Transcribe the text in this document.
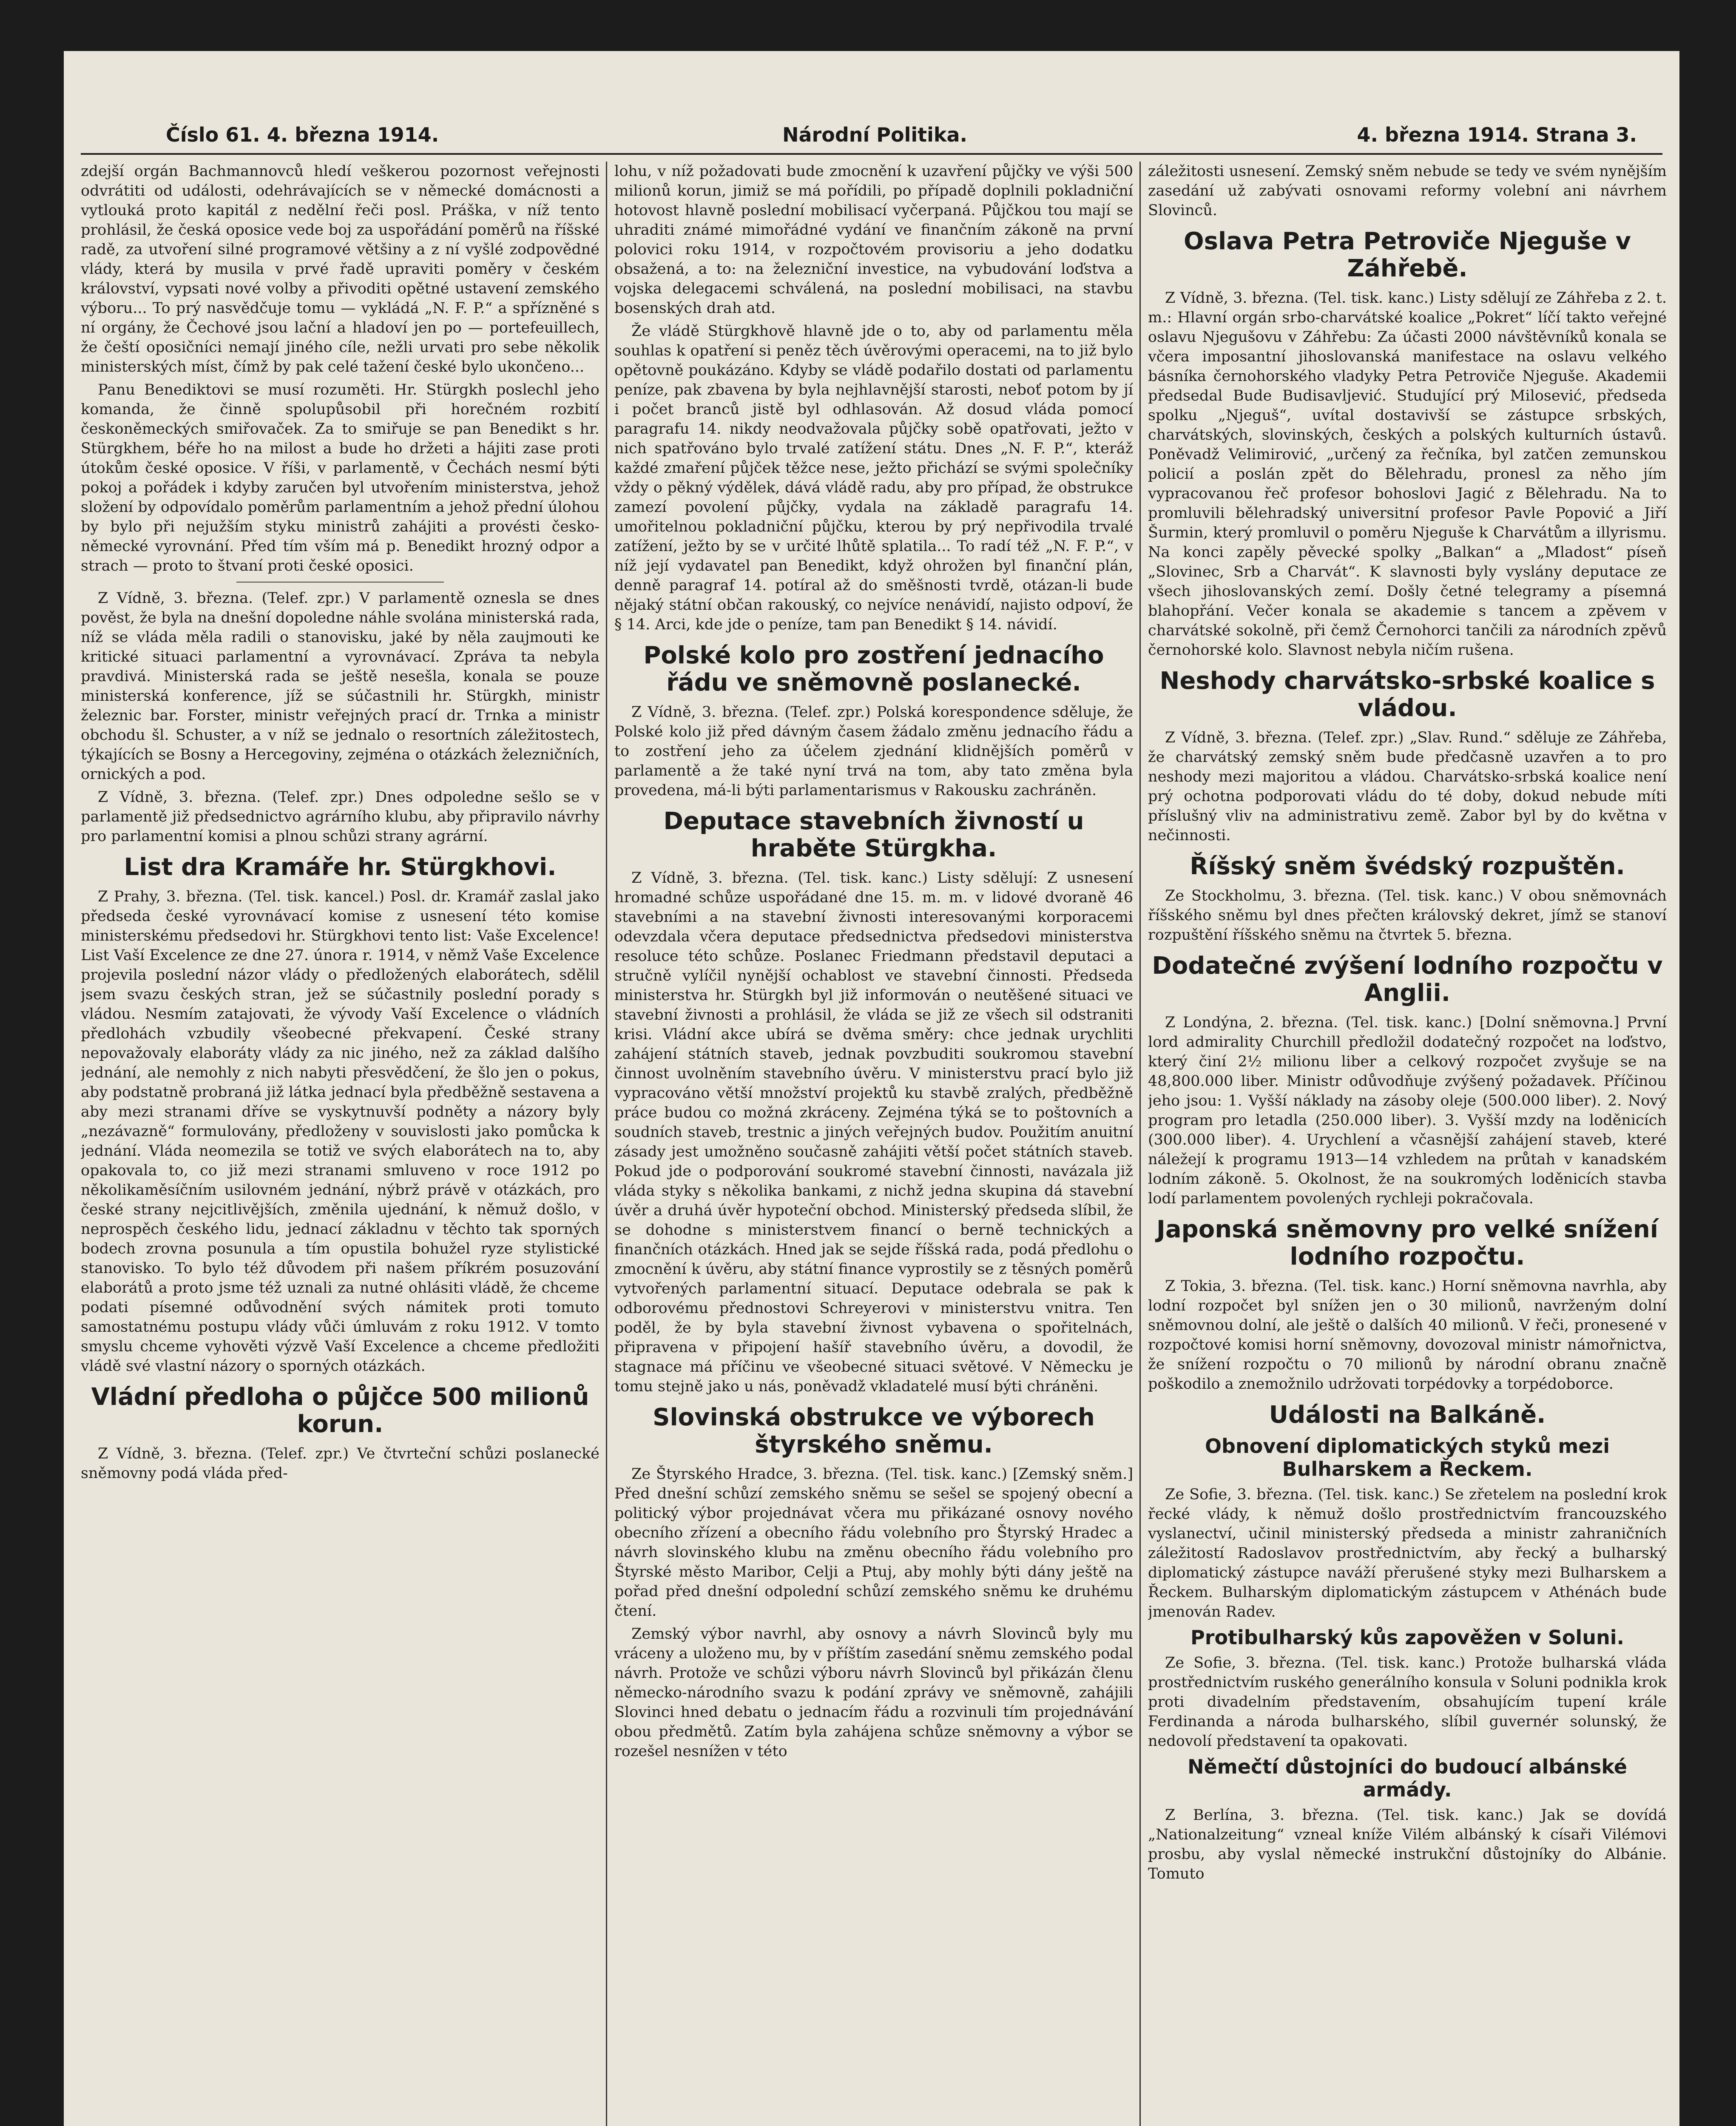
Číslo 61. 4. března 1914.	Národní Politika.	4. března 1914. Strana 3.

zdejší orgán Bachmannovců hledí veškerou pozornost veřejnosti odvrátiti od události, odehrávajících se v německé domácnosti a vytlouká proto kapitál z nedělní řeči posl. Práška, v níž tento prohlásil, že česká oposice vede boj za uspořádání poměrů na říšské radě, za utvoření silné programové většiny a z ní vyšlé zodpovědné vlády, která by musila v prvé řadě upraviti poměry v českém království, vypsati nové volby a přivoditi opětné ustavení zemského výboru... To prý nasvědčuje tomu — vykládá „N. F. P.“ a spřízněné s ní orgány, že Čechové jsou lační a hladoví jen po — portefeuillech, že čeští oposičníci nemají jiného cíle, nežli urvati pro sebe několik ministerských míst, čímž by pak celé tažení české bylo ukončeno...

Panu Benediktovi se musí rozuměti. Hr. Stürgkh poslechl jeho komanda, že činně spolupůsobil při horečném rozbití českoněmeckých smiřovaček. Za to smiřuje se pan Benedikt s hr. Stürgkhem, béře ho na milost a bude ho držeti a hájiti zase proti útokům české oposice. V říši, v parlamentě, v Čechách nesmí býti pokoj a pořádek i kdyby zaručen byl utvořením ministerstva, jehož složení by odpovídalo poměrům parlamentním a jehož přední úlohou by bylo při nejužším styku ministrů zahájiti a provésti česko-německé vyrovnání. Před tím vším má p. Benedikt hrozný odpor a strach — proto to štvaní proti české oposici.

Z Vídně, 3. března. (Telef. zpr.) V parlamentě oznesla se dnes pověst, že byla na dnešní dopoledne náhle svolána ministerská rada, níž se vláda měla radili o stanovisku, jaké by něla zaujmouti ke kritické situaci parlamentní a vyrovnávací. Zpráva ta nebyla pravdivá. Ministerská rada se ještě nesešla, konala se pouze ministerská konference, jíž se súčastnili hr. Stürgkh, ministr železnic bar. Forster, ministr veřejných prací dr. Trnka a ministr obchodu šl. Schuster, a v níž se jednalo o resortních záležitostech, týkajících se Bosny a Hercegoviny, zejména o otázkách železničních, ornických a pod.

Z Vídně, 3. března. (Telef. zpr.) Dnes odpoledne sešlo se v parlamentě již předsednictvo agrárního klubu, aby připravilo návrhy pro parlamentní komisi a plnou schůzi strany agrární.

List dra Kramáře hr. Stürgkhovi.

Z Prahy, 3. března. (Tel. tisk. kancel.) Posl. dr. Kramář zaslal jako předseda české vyrovnávací komise z usnesení této komise ministerskému předsedovi hr. Stürgkhovi tento list: Vaše Excelence! List Vaší Excelence ze dne 27. února r. 1914, v němž Vaše Excelence projevila poslední názor vlády o předložených elaborátech, sdělil jsem svazu českých stran, jež se súčastnily poslední porady s vládou. Nesmím zatajovati, že vývody Vaší Excelence o vládních předlohách vzbudily všeobecné překvapení. České strany nepovažovaly elaboráty vlády za nic jiného, než za základ dalšího jednání, ale nemohly z nich nabyti přesvědčení, že šlo jen o pokus, aby podstatně probraná již látka jednací byla předběžně sestavena a aby mezi stranami dříve se vyskytnuvší podněty a názory byly „nezávazně“ formulovány, předloženy v souvislosti jako pomůcka k jednání. Vláda neomezila se totiž ve svých elaborátech na to, aby opakovala to, co již mezi stranami smluveno v roce 1912 po několikaměsíčním usilovném jednání, nýbrž právě v otázkách, pro české strany nejcitlivějších, změnila ujednání, k němuž došlo, v neprospěch českého lidu, jednací základnu v těchto tak sporných bodech zrovna posunula a tím opustila bohužel ryze stylistické stanovisko. To bylo též důvodem při našem příkrém posuzování elaborátů a proto jsme též uznali za nutné ohlásiti vládě, že chceme podati písemné odůvodnění svých námitek proti tomuto samostatnému postupu vlády vůči úmluvám z roku 1912. V tomto smyslu chceme vyhověti výzvě Vaší Excelence a chceme předložiti vládě své vlastní názory o sporných otázkách.

Vládní předloha o půjčce 500 milionů korun.

Z Vídně, 3. března. (Telef. zpr.) Ve čtvrteční schůzi poslanecké sněmovny podá vláda před-

lohu, v níž požadovati bude zmocnění k uzavření půjčky ve výši 500 milionů korun, jimiž se má pořídili, po případě doplnili pokladniční hotovost hlavně poslední mobilisací vyčerpaná. Půjčkou tou mají se uhraditi známé mimořádné vydání ve finančním zákoně na první polovici roku 1914, v rozpočtovém provisoriu a jeho dodatku obsažená, a to: na železniční investice, na vybudování loďstva a vojska delegacemi schválená, na poslední mobilisaci, na stavbu bosenských drah atd.

Že vládě Stürgkhově hlavně jde o to, aby od parlamentu měla souhlas k opatření si peněz těch úvěrovými operacemi, na to již bylo opětovně poukázáno. Kdyby se vládě podařilo dostati od parlamentu peníze, pak zbavena by byla nejhlavnější starosti, neboť potom by jí i počet branců jistě byl odhlasován. Až dosud vláda pomocí paragrafu 14. nikdy neodvažovala půjčky sobě opatřovati, ježto v nich spatřováno bylo trvalé zatížení státu. Dnes „N. F. P.“, kteráž každé zmaření půjček těžce nese, ježto přichází se svými společníky vždy o pěkný výdělek, dává vládě radu, aby pro případ, že obstrukce zamezí povolení půjčky, vydala na základě paragrafu 14. umořitelnou pokladniční půjčku, kterou by prý nepřivodila trvalé zatížení, ježto by se v určité lhůtě splatila... To radí též „N. F. P.“, v níž její vydavatel pan Benedikt, když ohrožen byl finanční plán, denně paragraf 14. potíral až do směšnosti tvrdě, otázan-li bude nějaký státní občan rakouský, co nejvíce nenávidí, najisto odpoví, že § 14. Arci, kde jde o peníze, tam pan Benedikt § 14. návidí.

Polské kolo pro zostření jednacího řádu ve sněmovně poslanecké.

Z Vídně, 3. března. (Telef. zpr.) Polská korespondence sděluje, že Polské kolo již před dávným časem žádalo změnu jednacího řádu a to zostření jeho za účelem zjednání klidnějších poměrů v parlamentě a že také nyní trvá na tom, aby tato změna byla provedena, má-li býti parlamentarismus v Rakousku zachráněn.

Deputace stavebních živností u hraběte Stürgkha.

Z Vídně, 3. března. (Tel. tisk. kanc.) Listy sdělují: Z usnesení hromadné schůze uspořádané dne 15. m. m. v lidové dvoraně 46 stavebními a na stavební živnosti interesovanými korporacemi odevzdala včera deputace předsednictva předsedovi ministerstva resoluce této schůze. Poslanec Friedmann představil deputaci a stručně vylíčil nynější ochablost ve stavební činnosti. Předseda ministerstva hr. Stürgkh byl již informován o neutěšené situaci ve stavební živnosti a prohlásil, že vláda se již ze všech sil odstraniti krisi. Vládní akce ubírá se dvěma směry: chce jednak urychliti zahájení státních staveb, jednak povzbuditi soukromou stavební činnost uvolněním stavebního úvěru. V ministerstvu prací bylo již vypracováno větší množství projektů ku stavbě zralých, předběžně práce budou co možná zkráceny. Zejména týká se to poštovních a soudních staveb, trestnic a jiných veřejných budov. Použitím anuitní zásady jest umožněno současně zahájiti větší počet státních staveb. Pokud jde o podporování soukromé stavební činnosti, navázala již vláda styky s několika bankami, z nichž jedna skupina dá stavební úvěr a druhá úvěr hypoteční obchod. Ministerský předseda slíbil, že se dohodne s ministerstvem financí o berně technických a finančních otázkách. Hned jak se sejde říšská rada, podá předlohu o zmocnění k úvěru, aby státní finance vyprostily se z těsných poměrů vytvořených parlamentní situací. Deputace odebrala se pak k odborovému přednostovi Schreyerovi v ministerstvu vnitra. Ten poděl, že by byla stavební živnost vybavena o spořitelnách, připravena v připojení hašíř stavebního úvěru, a dovodil, že stagnace má příčinu ve všeobecné situaci světové. V Německu je tomu stejně jako u nás, poněvadž vkladatelé musí býti chráněni.

Slovinská obstrukce ve výborech štyrského sněmu.

Ze Štyrského Hradce, 3. března. (Tel. tisk. kanc.) [Zemský sněm.] Před dnešní schůzí zemského sněmu se sešel se spojený obecní a politický výbor projednávat včera mu přikázané osnovy nového obecního zřízení a obecního řádu volebního pro Štyrský Hradec a návrh slovinského klubu na změnu obecního řádu volebního pro Štyrské město Maribor, Celji a Ptuj, aby mohly býti dány ještě na pořad před dnešní odpolední schůzí zemského sněmu ke druhému čtení.

Zemský výbor navrhl, aby osnovy a návrh Slovinců byly mu vráceny a uloženo mu, by v příštím zasedání sněmu zemského podal návrh. Protože ve schůzi výboru návrh Slovinců byl přikázán členu německo-národního svazu k podání zprávy ve sněmovně, zahájili Slovinci hned debatu o jednacím řádu a rozvinuli tím projednávání obou předmětů. Zatím byla zahájena schůze sněmovny a výbor se rozešel nesnížen v této

záležitosti usnesení. Zemský sněm nebude se tedy ve svém nynějším zasedání už zabývati osnovami reformy volební ani návrhem Slovinců.

Oslava Petra Petroviče Njeguše v Záhřebě.

Z Vídně, 3. března. (Tel. tisk. kanc.) Listy sdělují ze Záhřeba z 2. t. m.: Hlavní orgán srbo-charvátské koalice „Pokret“ líčí takto veřejné oslavu Njegušovu v Záhřebu: Za účasti 2000 návštěvníků konala se včera imposantní jihoslovanská manifestace na oslavu velkého básníka černohorského vladyky Petra Petroviče Njeguše. Akademii předsedal Bude Budisavljević. Studující prý Milosević, předseda spolku „Njeguš“, uvítal dostavivší se zástupce srbských, charvátských, slovinských, českých a polských kulturních ústavů. Poněvadž Velimirović, „určený za řečníka, byl zatčen zemunskou policií a poslán zpět do Bělehradu, pronesl za něho jím vypracovanou řeč profesor bohoslovi Jagić z Bělehradu. Na to promluvili bělehradský universitní profesor Pavle Popović a Jiří Šurmin, který promluvil o poměru Njeguše k Charvátům a illyrismu. Na konci zapěly pěvecké spolky „Balkan“ a „Mladost“ píseň „Slovinec, Srb a Charvát“. K slavnosti byly vyslány deputace ze všech jihoslovanských zemí. Došly četné telegramy a písemná blahopřání. Večer konala se akademie s tancem a zpěvem v charvátské sokolně, při čemž Černohorci tančili za národních zpěvů černohorské kolo. Slavnost nebyla ničím rušena.

Neshody charvátsko-srbské koalice s vládou.

Z Vídně, 3. března. (Telef. zpr.) „Slav. Rund.“ sděluje ze Záhřeba, že charvátský zemský sněm bude předčasně uzavřen a to pro neshody mezi majoritou a vládou. Charvátsko-srbská koalice není prý ochotna podporovati vládu do té doby, dokud nebude míti příslušný vliv na administrativu země. Zabor byl by do května v nečinnosti.

Říšský sněm švédský rozpuštěn.

Ze Stockholmu, 3. března. (Tel. tisk. kanc.) V obou sněmovnách říšského sněmu byl dnes přečten královský dekret, jímž se stanoví rozpuštění říšského sněmu na čtvrtek 5. března.

Dodatečné zvýšení lodního rozpočtu v Anglii.

Z Londýna, 2. března. (Tel. tisk. kanc.) [Dolní sněmovna.] První lord admirality Churchill předložil dodatečný rozpočet na loďstvo, který činí 2½ milionu liber a celkový rozpočet zvyšuje se na 48,800.000 liber. Ministr odůvodňuje zvýšený požadavek. Příčinou jeho jsou: 1. Vyšší náklady na zásoby oleje (500.000 liber). 2. Nový program pro letadla (250.000 liber). 3. Vyšší mzdy na loděnicích (300.000 liber). 4. Urychlení a včasnější zahájení staveb, které náležejí k programu 1913—14 vzhledem na průtah v kanadském lodním zákoně. 5. Okolnost, že na soukromých loděnicích stavba lodí parlamentem povolených rychleji pokračovala.

Japonská sněmovny pro velké snížení lodního rozpočtu.

Z Tokia, 3. března. (Tel. tisk. kanc.) Horní sněmovna navrhla, aby lodní rozpočet byl snížen jen o 30 milionů, navrženým dolní sněmovnou dolní, ale ještě o dalších 40 milionů. V řeči, pronesené v rozpočtové komisi horní sněmovny, dovozoval ministr námořnictva, že snížení rozpočtu o 70 milionů by národní obranu značně poškodilo a znemožnilo udržovati torpédovky a torpédoborce.

Události na Balkáně.
Obnovení diplomatických styků mezi Bulharskem a Řeckem.

Ze Sofie, 3. března. (Tel. tisk. kanc.) Se zřetelem na poslední krok řecké vlády, k němuž došlo prostřednictvím francouzského vyslanectví, učinil ministerský předseda a ministr zahraničních záležitostí Radoslavov prostřednictvím, aby řecký a bulharský diplomatický zástupce naváží přerušené styky mezi Bulharskem a Řeckem. Bulharským diplomatickým zástupcem v Athénách bude jmenován Radev.

Protibulharský kůs zapověžen v Soluni.

Ze Sofie, 3. března. (Tel. tisk. kanc.) Protože bulharská vláda prostřednictvím ruského generálního konsula v Soluni podnikla krok proti divadelním představením, obsahujícím tupení krále Ferdinanda a národa bulharského, slíbil guvernér solunský, že nedovolí představení ta opakovati.

Němečtí důstojníci do budoucí albánské armády.

Z Berlína, 3. března. (Tel. tisk. kanc.) Jak se dovídá „Nationalzeitung“ vzneal kníže Vilém albánský k císaři Vilémovi prosbu, aby vyslal německé instrukční důstojníky do Albánie. Tomuto
